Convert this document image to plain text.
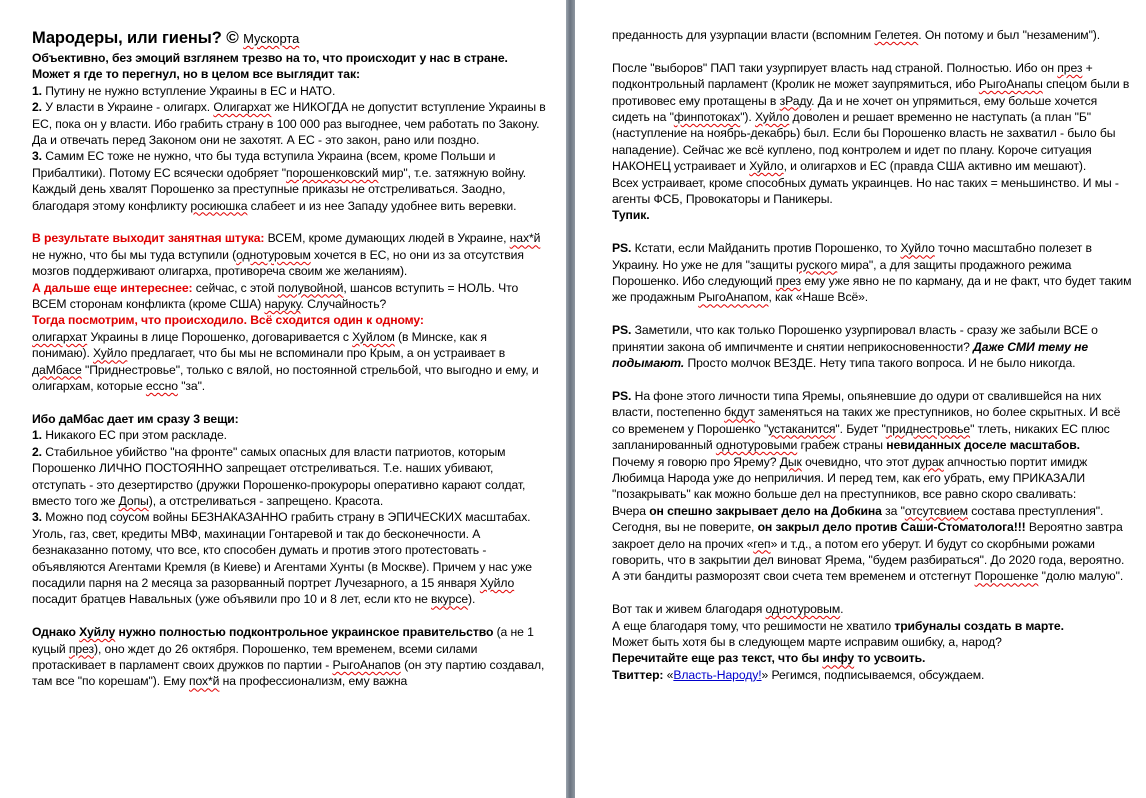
Мародеры, или гиены? © Мускорта
Объективно, без эмоций взглянем трезво на то, что происходит у нас в стране. Может я где то перегнул, но в целом все выглядит так:
1. Путину не нужно вступление Украины в ЕС и НАТО.
2. У власти в Украине - олигарх. Олигархат же НИКОГДА не допустит вступление Украины в ЕС, пока он у власти. Ибо грабить страну в 100 000 раз выгоднее, чем работать по Закону. Да и отвечать перед Законом они не захотят. А ЕС - это закон, рано или поздно.
3. Самим ЕС тоже не нужно, что бы туда вступила Украина (всем, кроме Польши и Прибалтики). Потому ЕС всячески одобряет "порошенковский мир", т.е. затяжную войну. Каждый день хвалят Порошенко за преступные приказы не отстреливаться. Заодно, благодаря этому конфликту росиюшка слабеет и из нее Западу удобнее вить веревки.
В результате выходит занятная штука: ВСЕМ, кроме думающих людей в Украине, нах*й не нужно, что бы мы туда вступили (однотуровым хочется в ЕС, но они из за отсутствия мозгов поддерживают олигарха, противореча своим же желаниям).
А дальше еще интереснее: сейчас, с этой полувойной, шансов вступить = НОЛЬ. Что ВСЕМ сторонам конфликта (кроме США) наруку. Случайность?
Тогда посмотрим, что происходило. Всё сходится один к одному:
олигархат Украины в лице Порошенко, договаривается с Хуйлом (в Минске, как я понимаю). Хуйло предлагает, что бы мы не вспоминали про Крым, а он устраивает в даМбасе "Приднестровье", только с вялой, но постоянной стрельбой, что выгодно и ему, и олигархам, которые ессно "за".
Ибо даМбас дает им сразу 3 вещи:
1. Никакого ЕС при этом раскладе.
2. Стабильное убийство "на фронте" самых опасных для власти патриотов, которым Порошенко ЛИЧНО ПОСТОЯННО запрещает отстреливаться. Т.е. наших убивают, отступать - это дезертирство (дружки Порошенко-прокуроры оперативно карают солдат, вместо того же Допы), а отстреливаться - запрещено. Красота.
3. Можно под соусом войны БЕЗНАКАЗАННО грабить страну в ЭПИЧЕСКИХ масштабах. Уголь, газ, свет, кредиты МВФ, махинации Гонтаревой и так до бесконечности. А безнаказанно потому, что все, кто способен думать и против этого протестовать - объявляются Агентами Кремля (в Киеве) и Агентами Хунты (в Москве). Причем у нас уже посадили парня на 2 месяца за разорванный портрет Лучезарного, а 15 января Хуйло посадит братцев Навальных (уже объявили про 10 и 8 лет, если кто не вкурсе).
Однако Хуйлу нужно полностью подконтрольное украинское правительство (а не 1 куцый през), оно ждет до 26 октября. Порошенко, тем временем, всеми силами протаскивает в парламент своих дружков по партии - РыгоАнапов (он эту партию создавал, там все "по корешам"). Ему пох*й на профессионализм, ему важна
преданность для узурпации власти (вспомним Гелетея. Он потому и был "незаменим").
После "выборов" ПАП таки узурпирует власть над страной. Полностью. Ибо он през + подконтрольный парламент (Кролик не может заупрямиться, ибо РыгоАнапы спецом были в противовес ему протащены в зРаду. Да и не хочет он упрямиться, ему больше хочется сидеть на "финпотоках"). Хуйло доволен и решает временно не наступать (а план "Б" (наступление на ноябрь-декабрь) был. Если бы Порошенко власть не захватил - было бы нападение). Сейчас же всё куплено, под контролем и идет по плану. Короче ситуация НАКОНЕЦ устраивает и Хуйло, и олигархов и ЕС (правда США активно им мешают).
Всех устраивает, кроме способных думать украинцев. Но нас таких = меньшинство. И мы - агенты ФСБ, Провокаторы и Паникеры.
Тупик.
PS. Кстати, если Майданить против Порошенко, то Хуйло точно масштабно полезет в Украину. Но уже не для "защиты руского мира", а для защиты продажного режима Порошенко. Ибо следующий през ему уже явно не по карману, да и не факт, что будет таким же продажным РыгоАнапом, как «Наше Всё».
PS. Заметили, что как только Порошенко узурпировал власть - сразу же забыли ВСЕ о принятии закона об импичменте и снятии неприкосновенности? Даже СМИ тему не подымают. Просто молчок ВЕЗДЕ. Нету типа такого вопроса. И не было никогда.
PS. На фоне этого личности типа Яремы, опьяневшие до одури от свалившейся на них власти, постепенно бкдут заменяться на таких же преступников, но более скрытных. И всё со временем у Порошенко "устаканится". Будет "приднестровье" тлеть, никаких ЕС плюс запланированный однотуровыми грабеж страны невиданных доселе масштабов.
Почему я говорю про Ярему? Дык очевидно, что этот дурак апчностью портит имидж Любимца Народа уже до неприличия. И перед тем, как его убрать, ему ПРИКАЗАЛИ "позакрывать" как можно больше дел на преступников, все равно скоро сваливать:
Вчера он спешно закрывает дело на Добкина за "отсутсвием состава преступления". Сегодня, вы не поверите, он закрыл дело против Саши-Стоматолога!!! Вероятно завтра закроет дело на прочих «геп» и т.д., а потом его уберут. И будут со скорбными рожами говорить, что в закрытии дел виноват Ярема, "будем разбираться". До 2020 года, вероятно. А эти бандиты разморозят свои счета тем временем и отстегнут Порошенке "долю малую".
Вот так и живем благодаря однотуровым.
А еще благодаря тому, что решимости не хватило трибуналы создать в марте.
Может быть хотя бы в следующем марте исправим ошибку, а, народ?
Перечитайте еще раз текст, что бы инфу то усвоить.
Твиттер: «Власть-Народу!» Регимся, подписываемся, обсуждаем.
